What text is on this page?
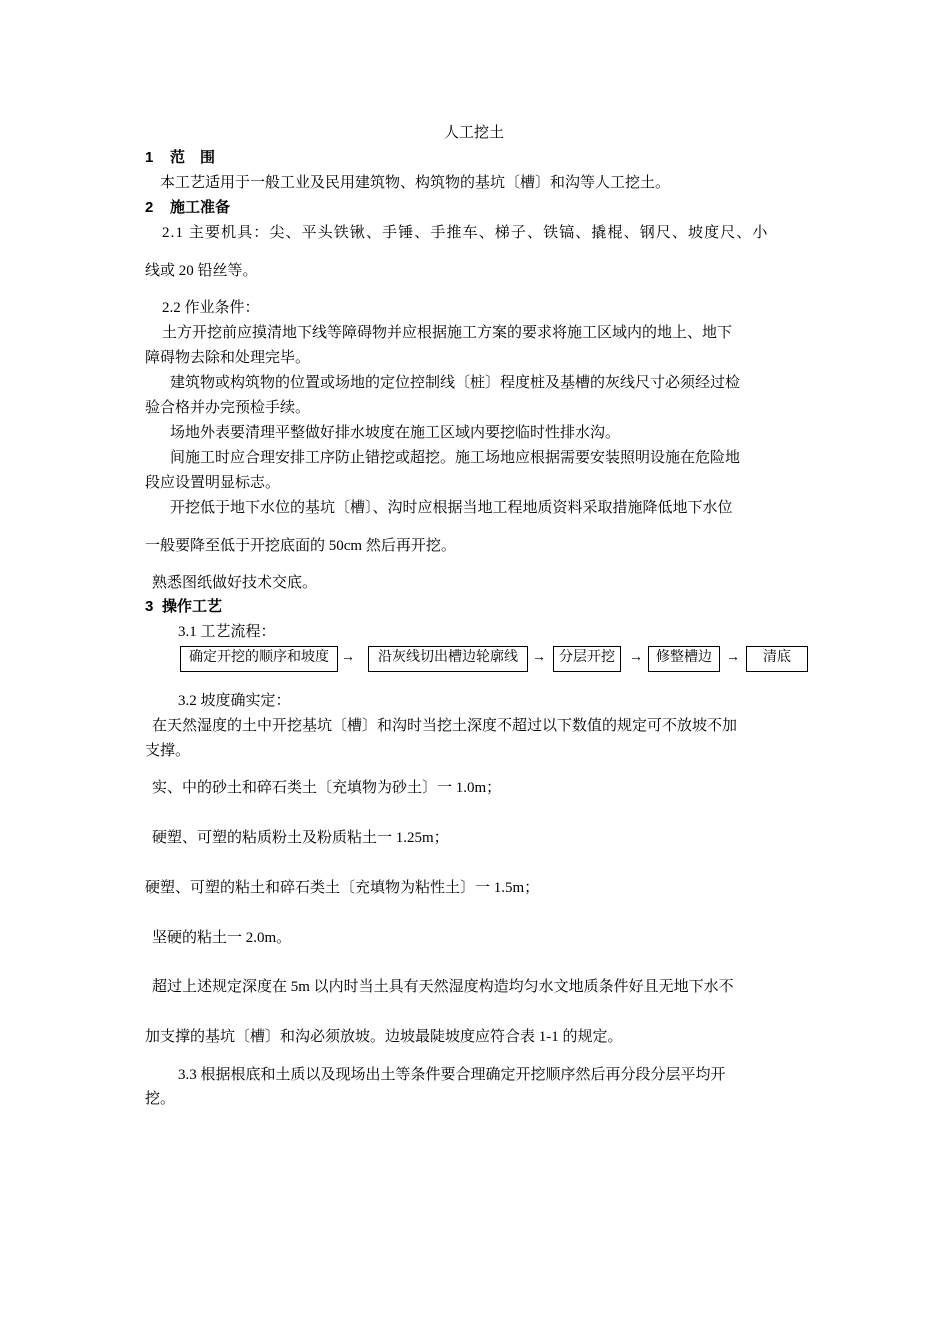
人工挖土
1 范　围
本工艺适用于一般工业及民用建筑物、构筑物的基坑〔槽〕和沟等人工挖土。
2 施工准备
2.1 主要机具：尖、平头铁锹、手锤、手推车、梯子、铁镐、撬棍、钢尺、坡度尺、小
线或 20 铅丝等。
2.2 作业条件：
土方开挖前应摸清地下线等障碍物并应根据施工方案的要求将施工区域内的地上、地下
障碍物去除和处理完毕。
建筑物或构筑物的位置或场地的定位控制线〔桩〕程度桩及基槽的灰线尺寸必须经过检
验合格并办完预检手续。
场地外表要清理平整做好排水坡度在施工区域内要挖临时性排水沟。
间施工时应合理安排工序防止错挖或超挖。施工场地应根据需要安装照明设施在危险地
段应设置明显标志。
开挖低于地下水位的基坑〔槽〕、沟时应根据当地工程地质资料采取措施降低地下水位
一般要降至低于开挖底面的 50cm 然后再开挖。
熟悉图纸做好技术交底。
3 操作工艺
3.1 工艺流程：
确定开挖的顺序和坡度 →	沿灰线切出槽边轮廓线	→ 分层开挖	→ 修整槽边	→	清底
3.2 坡度确实定：
在天然湿度的土中开挖基坑〔槽〕和沟时当挖土深度不超过以下数值的规定可不放坡不加
支撑。
实、中的砂土和碎石类土〔充填物为砂土〕一 1.0m；
硬塑、可塑的粘质粉土及粉质粘土一 1.25m；
硬塑、可塑的粘土和碎石类土〔充填物为粘性土〕一 1.5m；
坚硬的粘土一 2.0m。
超过上述规定深度在 5m 以内时当土具有天然湿度构造均匀水文地质条件好且无地下水不
加支撑的基坑〔槽〕和沟必须放坡。边坡最陡坡度应符合表 1-1 的规定。
3.3 根据根底和土质以及现场出土等条件要合理确定开挖顺序然后再分段分层平均开
挖。
